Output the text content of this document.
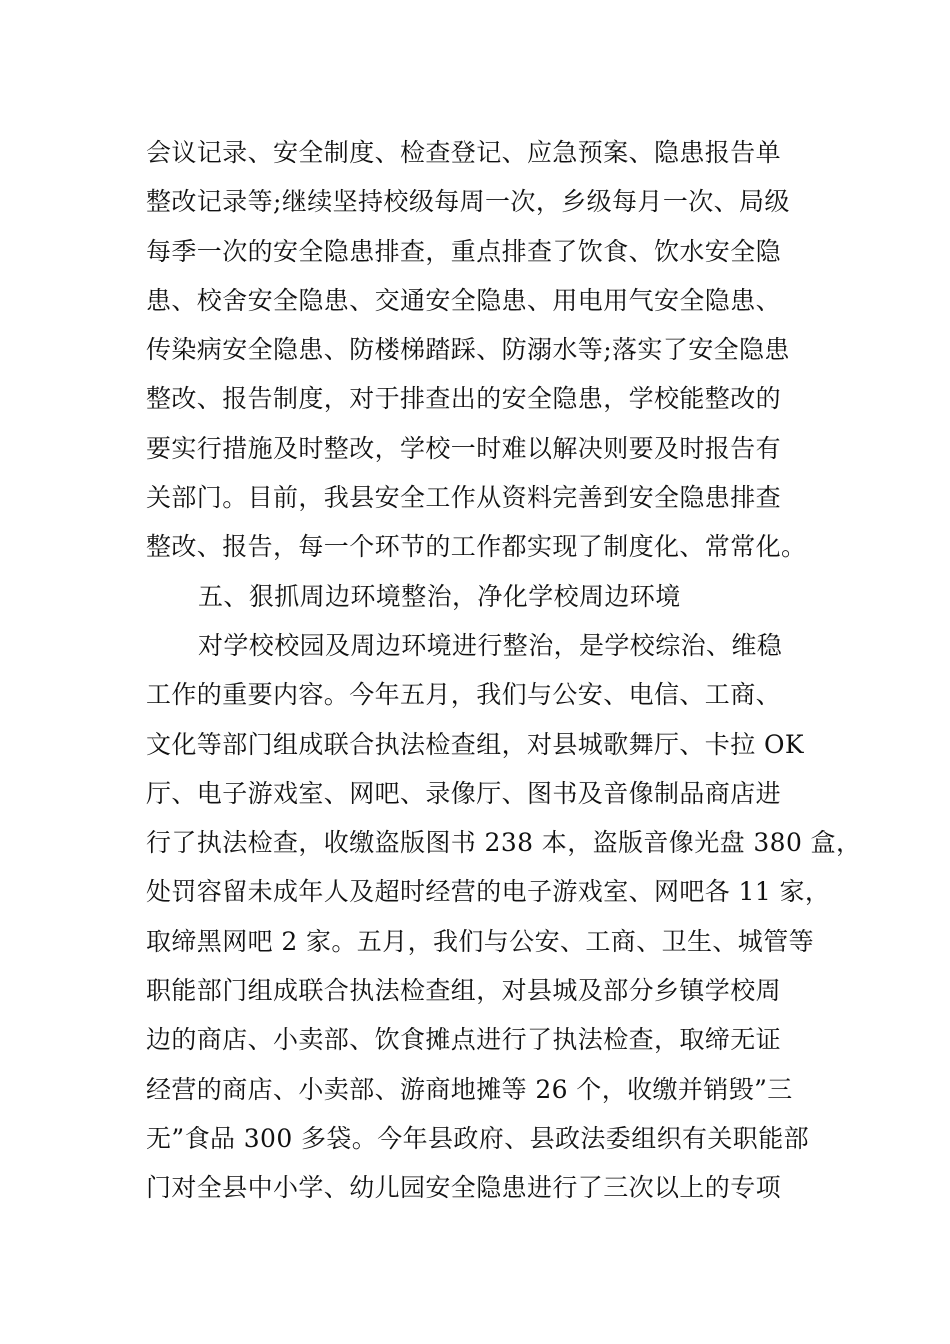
会议记录、安全制度、检查登记、应急预案、隐患报告单
整改记录等;继续坚持校级每周一次，乡级每月一次、局级
每季一次的安全隐患排查，重点排查了饮食、饮水安全隐
患、校舍安全隐患、交通安全隐患、用电用气安全隐患、
传染病安全隐患、防楼梯踏踩、防溺水等;落实了安全隐患
整改、报告制度，对于排查出的安全隐患，学校能整改的
要实行措施及时整改，学校一时难以解决则要及时报告有
关部门。目前，我县安全工作从资料完善到安全隐患排查
整改、报告，每一个环节的工作都实现了制度化、常常化。
五、狠抓周边环境整治，净化学校周边环境
对学校校园及周边环境进行整治，是学校综治、维稳
工作的重要内容。今年五月，我们与公安、电信、工商、
文化等部门组成联合执法检查组，对县城歌舞厅、卡拉 OK
厅、电子游戏室、网吧、录像厅、图书及音像制品商店进
行了执法检查，收缴盗版图书 238 本，盗版音像光盘 380 盒，
处罚容留未成年人及超时经营的电子游戏室、网吧各 11 家，
取缔黑网吧 2 家。五月，我们与公安、工商、卫生、城管等
职能部门组成联合执法检查组，对县城及部分乡镇学校周
边的商店、小卖部、饮食摊点进行了执法检查，取缔无证
经营的商店、小卖部、游商地摊等 26 个，收缴并销毁”三
无”食品 300 多袋。今年县政府、县政法委组织有关职能部
门对全县中小学、幼儿园安全隐患进行了三次以上的专项
